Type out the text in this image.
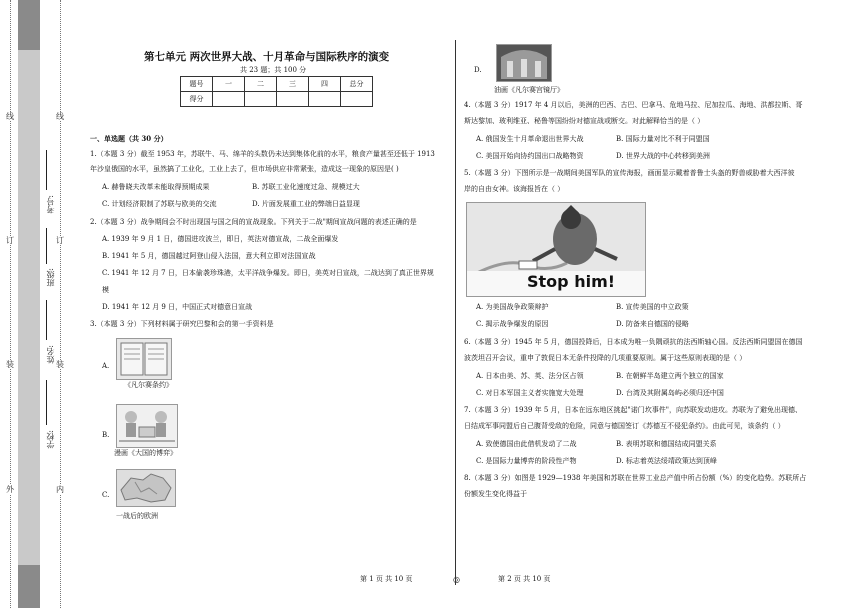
线
订
装
外	内
线
订
装
学校:
姓名:
班级:
考号:
第七单元 两次世界大战、十月革命与国际秩序的演变
共 23 题；共 100 分
题号	一	二	三	四	总分
得分					
一、单选题（共 30 分）
1.（本题 3 分）截至 1953 年，苏联牛、马、绵羊的头数仍未达到集体化前的水平，粮食产量甚至还低于 1913
年沙皇俄国的水平，虽然搞了工业化，工业上去了，但市场供应非常紧张，造成这一现象的原因是( )
A. 赫鲁晓夫改革未能取得预期成果	B. 苏联工业化速度过急、规模过大
C. 计划经济限制了苏联与欧美的交流	D. 片面发展重工业的弊端日益显现
2.（本题 3 分）战争期间会不时出现国与国之间的宣战现象。下列关于二战"期间宣战问题的表述正确的是
A. 1939 年 9 月 1 日，德国进攻波兰，即日，英法对德宣战，二战全面爆发
B. 1941 年 5 月，德国越过阿登山侵入法国，意大利立即对法国宣战
C. 1941 年 12 月 7 日，日本偷袭珍珠港，太平洋战争爆发。即日，美英对日宣战，二战达到了真正世界规
模
D. 1941 年 12 月 9 日，中国正式对德意日宣战
3.（本题 3 分）下列材料属于研究巴黎和会的第一手资料是
A.
《凡尔赛条约》
B.
漫画《大国的博弈》
C.
一战后的欧洲
第 1 页 共 10 页	◎
D.
油画《凡尔赛宫镜厅》
4.（本题 3 分）1917 年 4 月以后，美洲的巴西、古巴、巴拿马、危地马拉、尼加拉瓜、海地、洪都拉斯、哥
斯达黎加、玻利维亚、秘鲁等国纷纷对德宣战或断交。对此解释恰当的是（ ）
A. 俄国发生十月革命退出世界大战	B. 国际力量对比不利于同盟国
C. 美国开始向协约国出口战略物资	D. 世界大战的中心转移到美洲
5.（本题 3 分）下图所示是一战期间美国军队的宣传海报，画面显示戴着普鲁士头盔的野兽威胁着大西洋彼
岸的自由女神。该海报旨在（ ）
Stop him!
A. 为美国战争政策辩护	B. 宣传美国的中立政策
C. 揭示战争爆发的原因	D. 防备来自德国的侵略
6.（本题 3 分）1945 年 5 月，德国投降后，日本成为唯一负隅顽抗的法西斯轴心国。反法西斯同盟国在德国
波茨坦召开会议，重申了敦促日本无条件投降的几项重要原则。属于这些原则表现的是（ ）
A. 日本由美、苏、英、法分区占领	B. 在朝鲜半岛建立两个独立的国家
C. 对日本军国主义者实施宽大处理	D. 台湾及其附属岛屿必须归还中国
7.（本题 3 分）1939 年 5 月，日本在远东地区挑起"诺门坎事件"，向苏联发动进攻。苏联为了避免出现德、
日结成军事同盟后自己腹背受敌的危险，同意与德国签订《苏德互不侵犯条约》。由此可见，该条约（ ）
A. 致使德国由此借机发动了二战	B. 表明苏联和德国结成同盟关系
C. 是国际力量博弈的阶段性产物	D. 标志着英法绥靖政策达到顶峰
8.（本题 3 分）如图是 1929—1938 年美国和苏联在世界工业总产值中所占份额（%）的变化趋势。苏联所占
份额发生变化得益于
第 2 页 共 10 页
